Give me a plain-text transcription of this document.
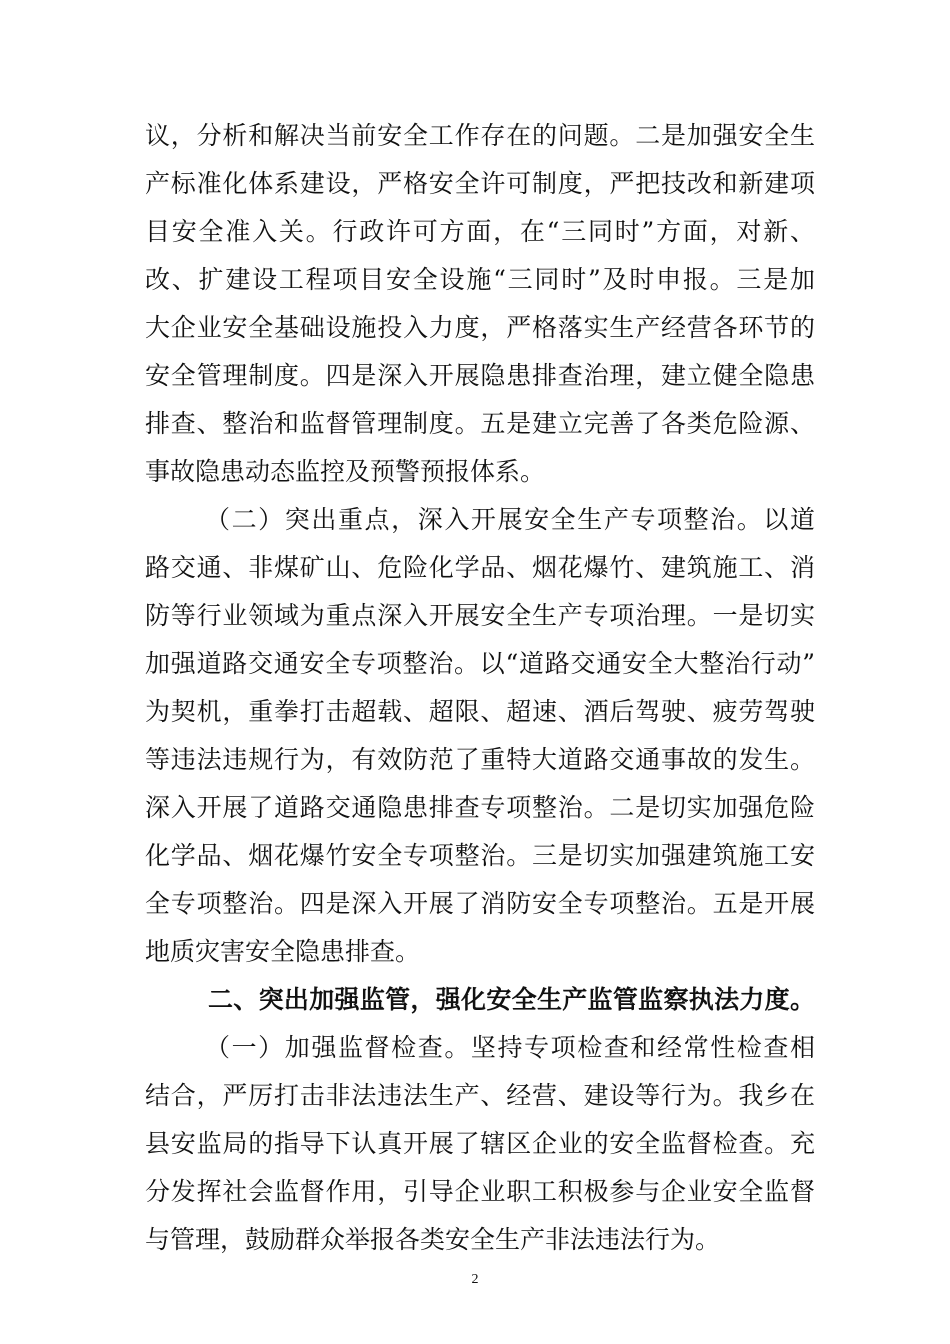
议，分析和解决当前安全工作存在的问题。二是加强安全生
产标准化体系建设，严格安全许可制度，严把技改和新建项
目安全准入关。行政许可方面，在“三同时”方面，对新、
改、扩建设工程项目安全设施“三同时”及时申报。三是加
大企业安全基础设施投入力度，严格落实生产经营各环节的
安全管理制度。四是深入开展隐患排查治理，建立健全隐患
排查、整治和监督管理制度。五是建立完善了各类危险源、
事故隐患动态监控及预警预报体系。
（二）突出重点，深入开展安全生产专项整治。以道
路交通、非煤矿山、危险化学品、烟花爆竹、建筑施工、消
防等行业领域为重点深入开展安全生产专项治理。一是切实
加强道路交通安全专项整治。以“道路交通安全大整治行动”
为契机，重拳打击超载、超限、超速、酒后驾驶、疲劳驾驶
等违法违规行为，有效防范了重特大道路交通事故的发生。
深入开展了道路交通隐患排查专项整治。二是切实加强危险
化学品、烟花爆竹安全专项整治。三是切实加强建筑施工安
全专项整治。四是深入开展了消防安全专项整治。五是开展
地质灾害安全隐患排查。
二、突出加强监管，强化安全生产监管监察执法力度。
（一）加强监督检查。坚持专项检查和经常性检查相
结合，严厉打击非法违法生产、经营、建设等行为。我乡在
县安监局的指导下认真开展了辖区企业的安全监督检查。充
分发挥社会监督作用，引导企业职工积极参与企业安全监督
与管理，鼓励群众举报各类安全生产非法违法行为。
2
